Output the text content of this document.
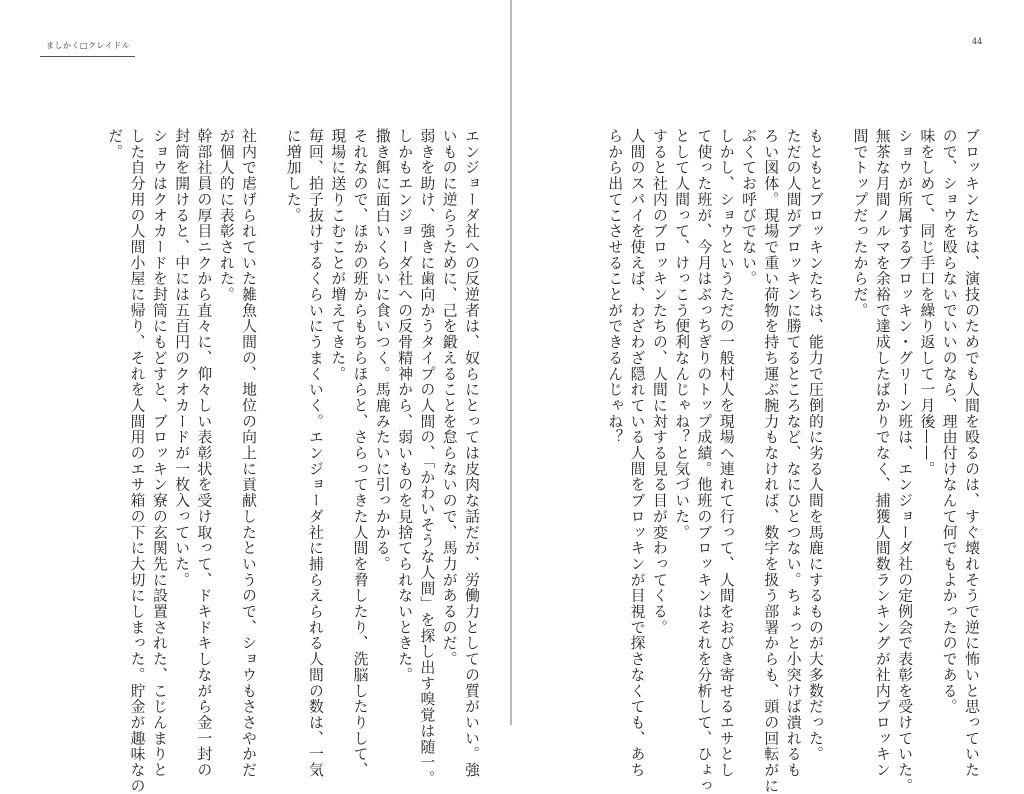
ましかく□クレイドル	44
エンジョーダ社への反逆者は、奴らにとっては皮肉な話だが、労働力としての質がいい。強
いものに逆らうために、己を鍛えることを怠らないので、馬力があるのだ。
弱きを助け、強きに歯向かうタイプの人間の、「かわいそうな人間」を探し出す嗅覚は随一。
しかもエンジョーダ社への反骨精神から、弱いものを見捨てられないときた。
撒き餌に面白いくらいに食いつく。馬鹿みたいに引っかかる。
それなので、ほかの班からもちらほらと、さらってきた人間を脅したり、洗脳したりして、
現場に送りこむことが増えてきた。
毎回、拍子抜けするくらいにうまくいく。エンジョーダ社に捕らえられる人間の数は、一気
に増加した。

社内で虐げられていた雑魚人間の、地位の向上に貢献したというので、ショウもささやかだ
が個人的に表彰された。
幹部社員の厚目ニクから直々に、仰々しい表彰状を受け取って、ドキドキしながら金一封の
封筒を開けると、中には五百円のクオカードが一枚入っていた。
ショウはクオカードを封筒にもどすと、ブロッキン寮の玄関先に設置された、こじんまりと
した自分用の人間小屋に帰り、それを人間用のエサ箱の下に大切にしまった。貯金が趣味なの
だ。	ブロッキンたちは、演技のためでも人間を殴るのは、すぐ壊れそうで逆に怖いと思っていた
ので、ショウを殴らないでいいのなら、理由付けなんて何でもよかったのである。
味をしめて、同じ手口を繰り返して一月後——。
ショウが所属するブロッキン・グリーン班は、エンジョーダ社の定例会で表彰を受けていた。
無茶な月間ノルマを余裕で達成したばかりでなく、捕獲人間数ランキングが社内ブロッキン
間でトップだったからだ。

もともとブロッキンたちは、能力で圧倒的に劣る人間を馬鹿にするものが大多数だった。
ただの人間がブロッキンに勝てるところなど、なにひとつない。ちょっと小突けば潰れるも
ろい図体。現場で重い荷物を持ち運ぶ腕力もなければ、数字を扱う部署からも、頭の回転がに
ぶくてお呼びでない。
しかし、ショウというただの一般村人を現場へ連れて行って、人間をおびき寄せるエサとし
て使った班が、今月はぶっちぎりのトップ成績。他班のブロッキンはそれを分析して、ひょっ
として人間って、けっこう便利なんじゃね？と気づいた。
すると社内のブロッキンたちの、人間に対する見る目が変わってくる。
人間のスパイを使えば、わざわざ隠れている人間をブロッキンが目視で探さなくても、あち
らから出てこさせることができるんじゃね？
